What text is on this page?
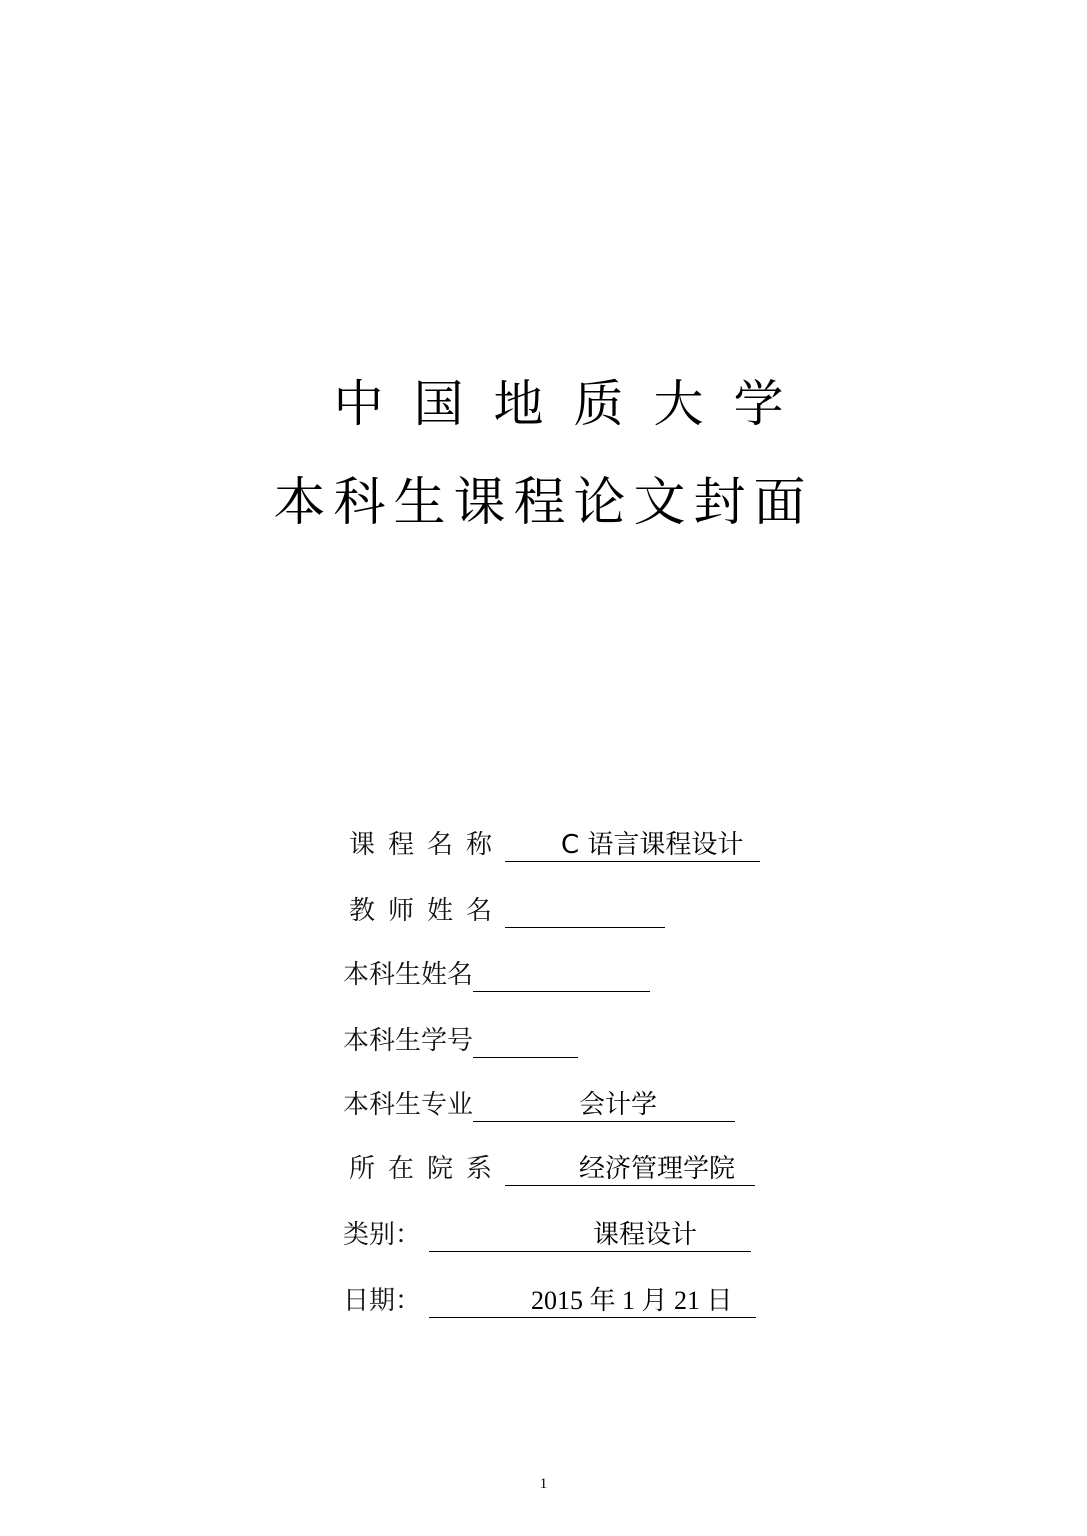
中国地质大学
本科生课程论文封面
课程名称	C 语言课程设计
教师姓名
本科生姓名
本科生学号
本科生专业	会计学
所在院系	经济管理学院
类别：	课程设计
日期：	2015 年 1 月 21 日
1
